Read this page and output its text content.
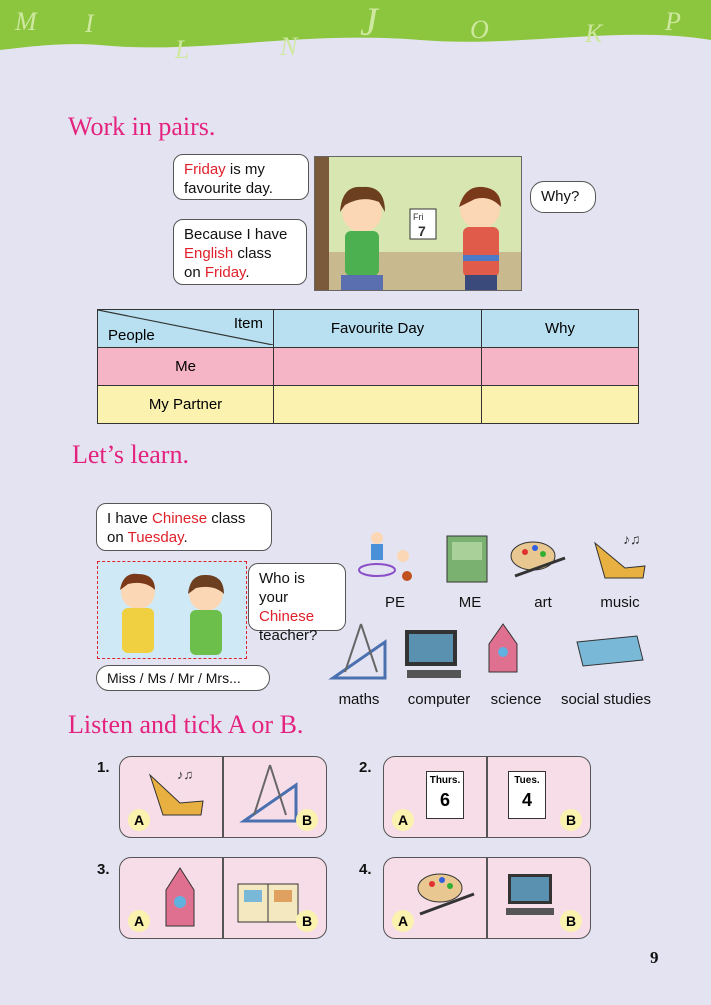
M I
L	N
J	O	K P
Work in pairs.
Friday is my
favourite day.
Because I have
English class
on Friday.
Fri
7
Why?
Item
People	Favourite Day	Why
Me		
My Partner		
Let’s learn.
I have Chinese class
on Tuesday.
Who is your
Chinese
teacher?
Miss / Ms / Mr / Mrs...
♪♫
PE	ME	art	music
maths	computer	science	social studies
Listen and tick A or B.
1.	♪♫
A	B
2.
Thurs.
6
Tues.
4
A	B
3.
A	B
4.
A	B
9
